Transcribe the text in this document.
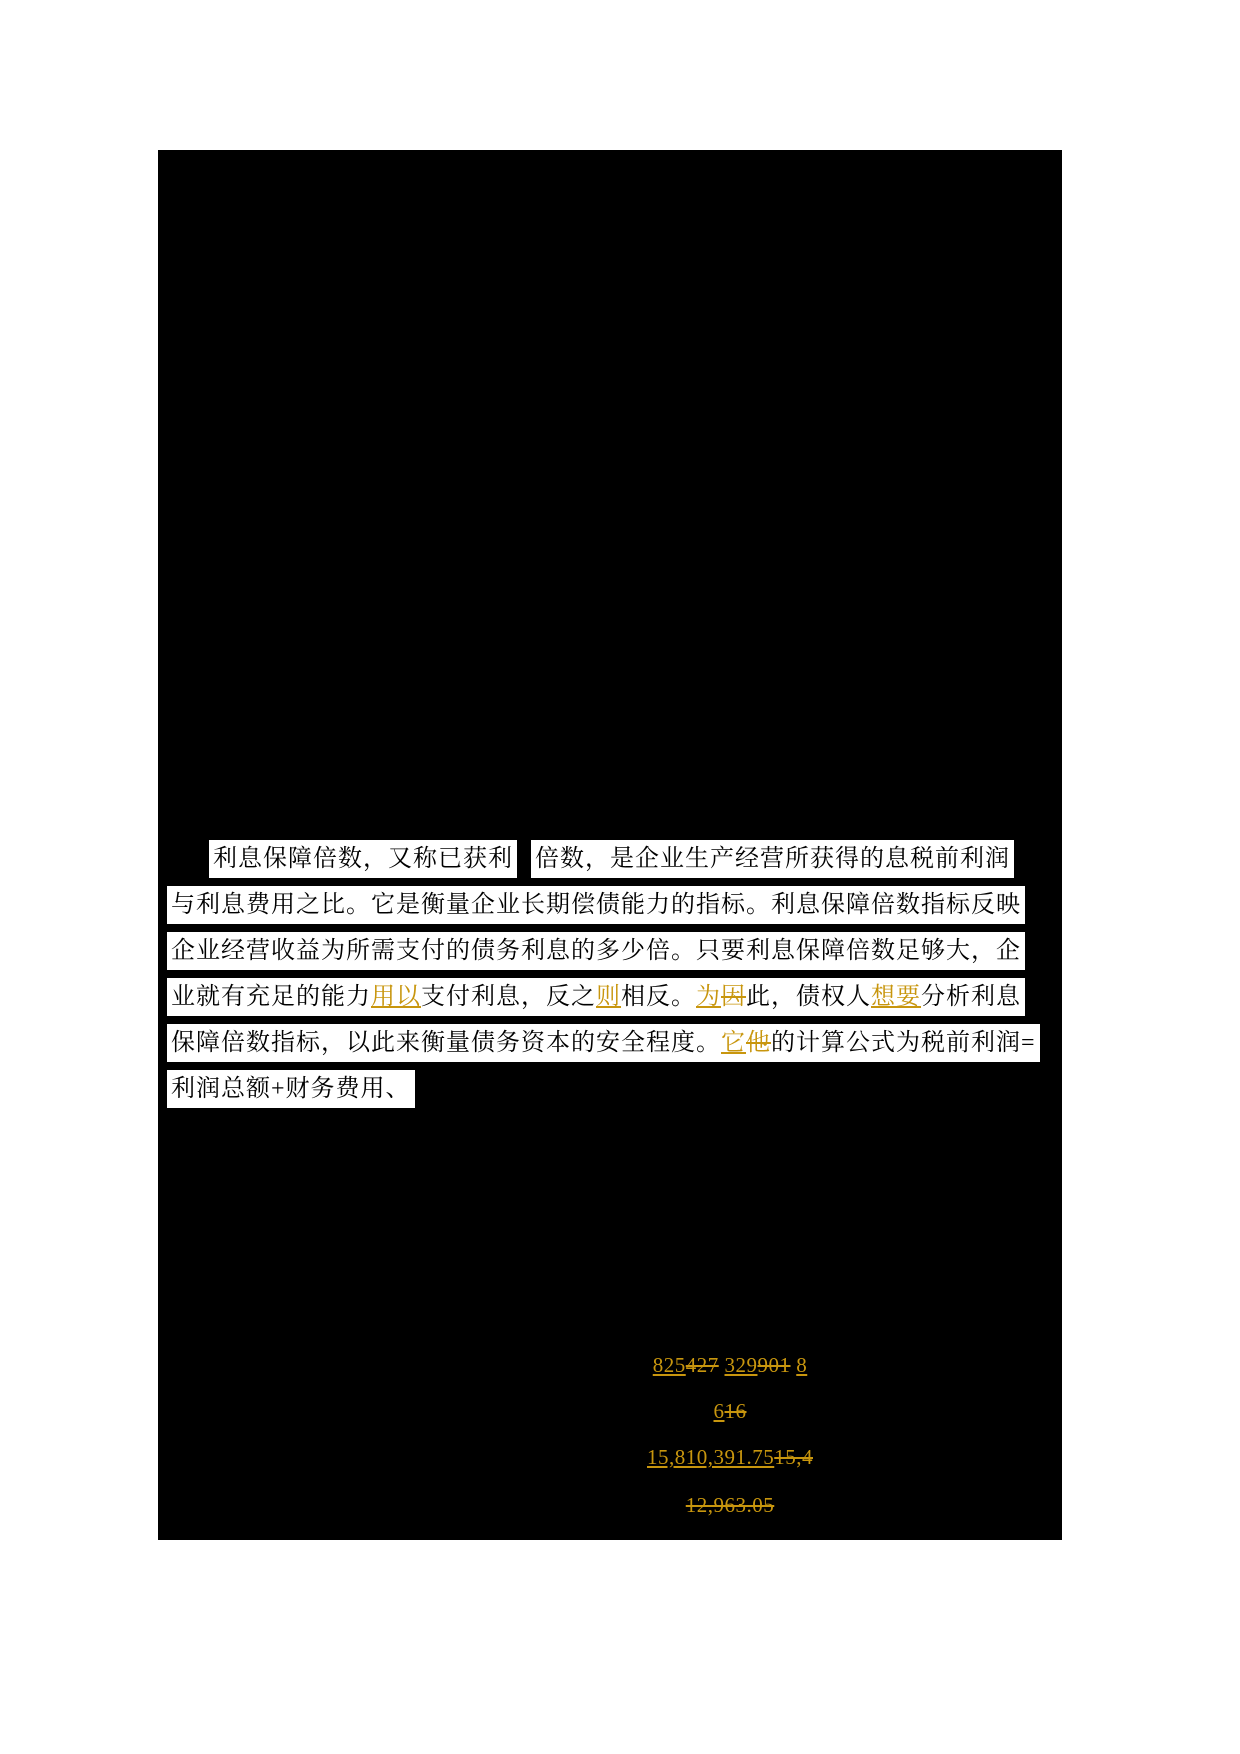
利息保障倍数，又称已获利 倍数，是企业生产经营所获得的息税前利润
与利息费用之比。它是衡量企业长期偿债能力的指标。利息保障倍数指标反映
企业经营收益为所需支付的债务利息的多少倍。只要利息保障倍数足够大，企
业就有充足的能力用以支付利息，反之则相反。为因此，债权人想要分析利息
保障倍数指标，以此来衡量债务资本的安全程度。它他的计算公式为税前利润=
利润总额+财务费用、
825427 329901 8
616
15,810,391.7515,4
12,963.05
